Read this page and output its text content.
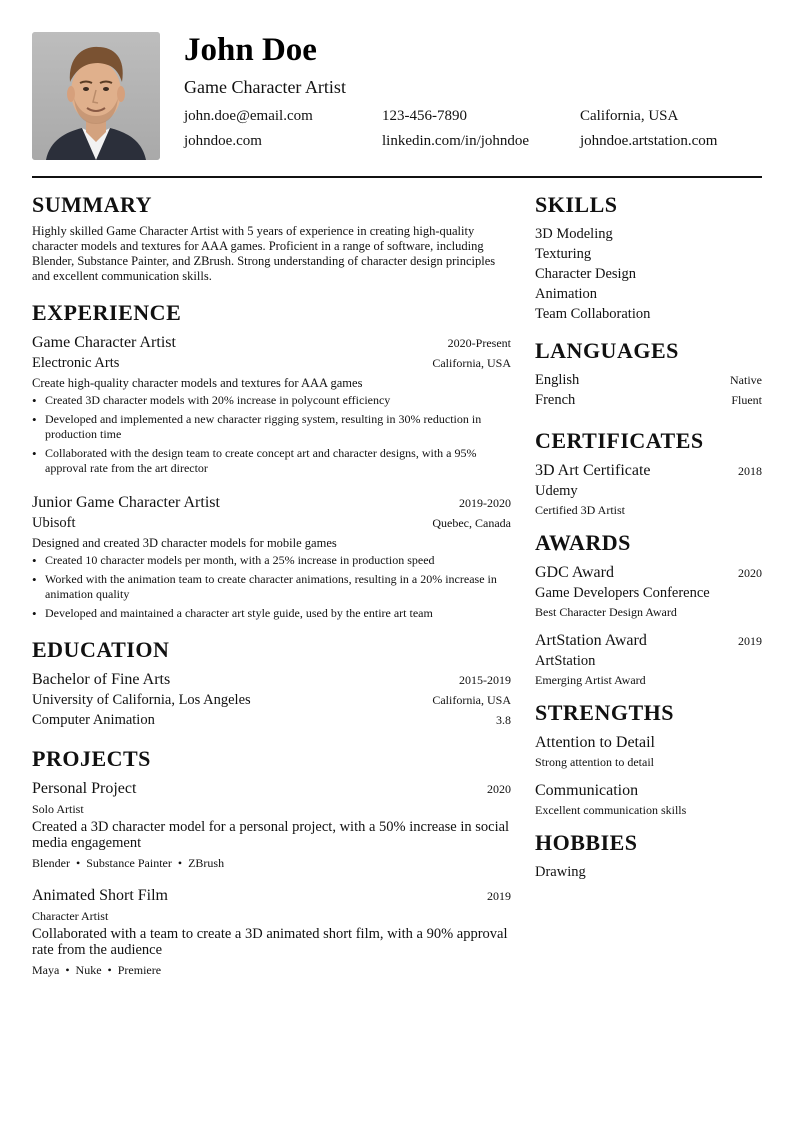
John Doe
Game Character Artist
john.doe@email.com	123-456-7890	California, USA
johndoe.com	linkedin.com/in/johndoe	johndoe.artstation.com
SUMMARY
Highly skilled Game Character Artist with 5 years of experience in creating high-quality character models and textures for AAA games. Proficient in a range of software, including Blender, Substance Painter, and ZBrush. Strong understanding of character design principles and excellent communication skills.
EXPERIENCE
Game Character Artist	2020-Present
Electronic Arts	California, USA
Create high-quality character models and textures for AAA games
• Created 3D character models with 20% increase in polycount efficiency
• Developed and implemented a new character rigging system, resulting in 30% reduction in production time
• Collaborated with the design team to create concept art and character designs, with a 95% approval rate from the art director
Junior Game Character Artist	2019-2020
Ubisoft	Quebec, Canada
Designed and created 3D character models for mobile games
• Created 10 character models per month, with a 25% increase in production speed
• Worked with the animation team to create character animations, resulting in a 20% increase in animation quality
• Developed and maintained a character art style guide, used by the entire art team
EDUCATION
Bachelor of Fine Arts	2015-2019
University of California, Los Angeles	California, USA
Computer Animation	3.8
PROJECTS
Personal Project	2020
Solo Artist
Created a 3D character model for a personal project, with a 50% increase in social media engagement
Blender • Substance Painter • ZBrush
Animated Short Film	2019
Character Artist
Collaborated with a team to create a 3D animated short film, with a 90% approval rate from the audience
Maya • Nuke • Premiere
SKILLS
3D Modeling
Texturing
Character Design
Animation
Team Collaboration
LANGUAGES
English	Native
French	Fluent
CERTIFICATES
3D Art Certificate	2018
Udemy
Certified 3D Artist
AWARDS
GDC Award	2020
Game Developers Conference
Best Character Design Award
ArtStation Award	2019
ArtStation
Emerging Artist Award
STRENGTHS
Attention to Detail
Strong attention to detail
Communication
Excellent communication skills
HOBBIES
Drawing
